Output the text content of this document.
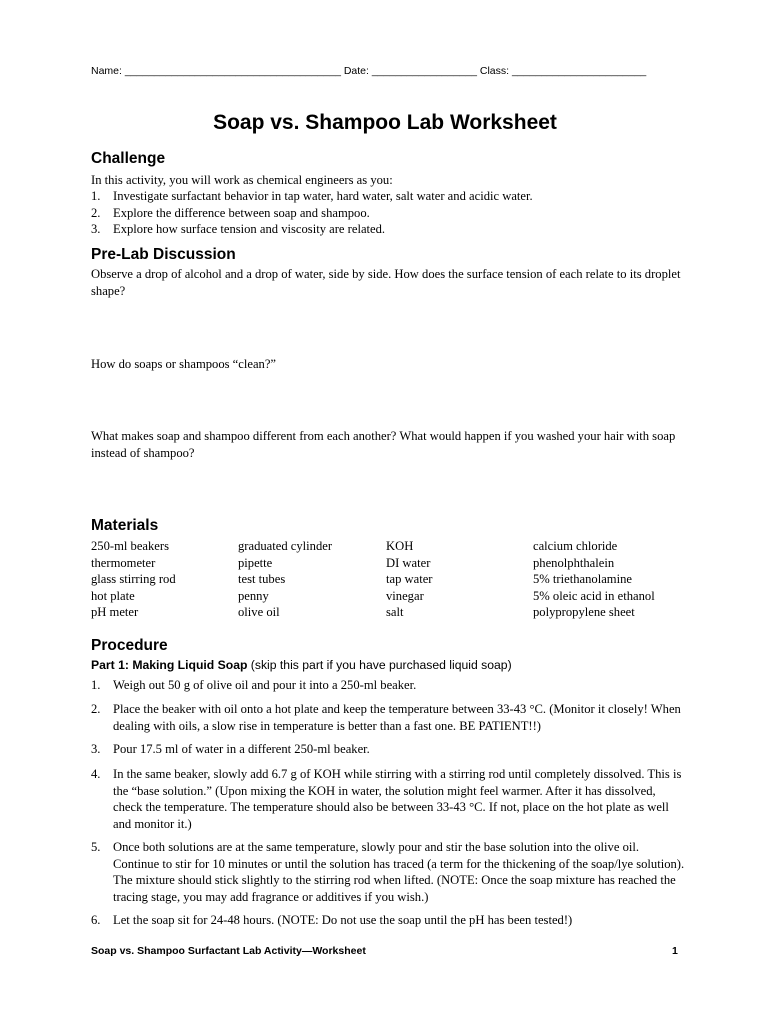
Name: _____________________________________ Date: __________________ Class: _______________________
Soap vs. Shampoo Lab Worksheet
Challenge
In this activity, you will work as chemical engineers as you:
1. Investigate surfactant behavior in tap water, hard water, salt water and acidic water.
2. Explore the difference between soap and shampoo.
3. Explore how surface tension and viscosity are related.
Pre-Lab Discussion
Observe a drop of alcohol and a drop of water, side by side. How does the surface tension of each relate to its droplet shape?
How do soaps or shampoos “clean?”
What makes soap and shampoo different from each another? What would happen if you washed your hair with soap instead of shampoo?
Materials
250-ml beakers
thermometer
glass stirring rod
hot plate
pH meter
graduated cylinder
pipette
test tubes
penny
olive oil
KOH
DI water
tap water
vinegar
salt
calcium chloride
phenolphthalein
5% triethanolamine
5% oleic acid in ethanol
polypropylene sheet
Procedure
Part 1: Making Liquid Soap (skip this part if you have purchased liquid soap)
1. Weigh out 50 g of olive oil and pour it into a 250-ml beaker.
2. Place the beaker with oil onto a hot plate and keep the temperature between 33-43 °C. (Monitor it closely! When dealing with oils, a slow rise in temperature is better than a fast one. BE PATIENT!!)
3. Pour 17.5 ml of water in a different 250-ml beaker.
4. In the same beaker, slowly add 6.7 g of KOH while stirring with a stirring rod until completely dissolved. This is the “base solution.” (Upon mixing the KOH in water, the solution might feel warmer. After it has dissolved, check the temperature. The temperature should also be between 33-43 °C. If not, place on the hot plate as well and monitor it.)
5. Once both solutions are at the same temperature, slowly pour and stir the base solution into the olive oil. Continue to stir for 10 minutes or until the solution has traced (a term for the thickening of the soap/lye solution). The mixture should stick slightly to the stirring rod when lifted. (NOTE: Once the soap mixture has reached the tracing stage, you may add fragrance or additives if you wish.)
6. Let the soap sit for 24-48 hours. (NOTE: Do not use the soap until the pH has been tested!)
Soap vs. Shampoo Surfactant Lab Activity—Worksheet	1
